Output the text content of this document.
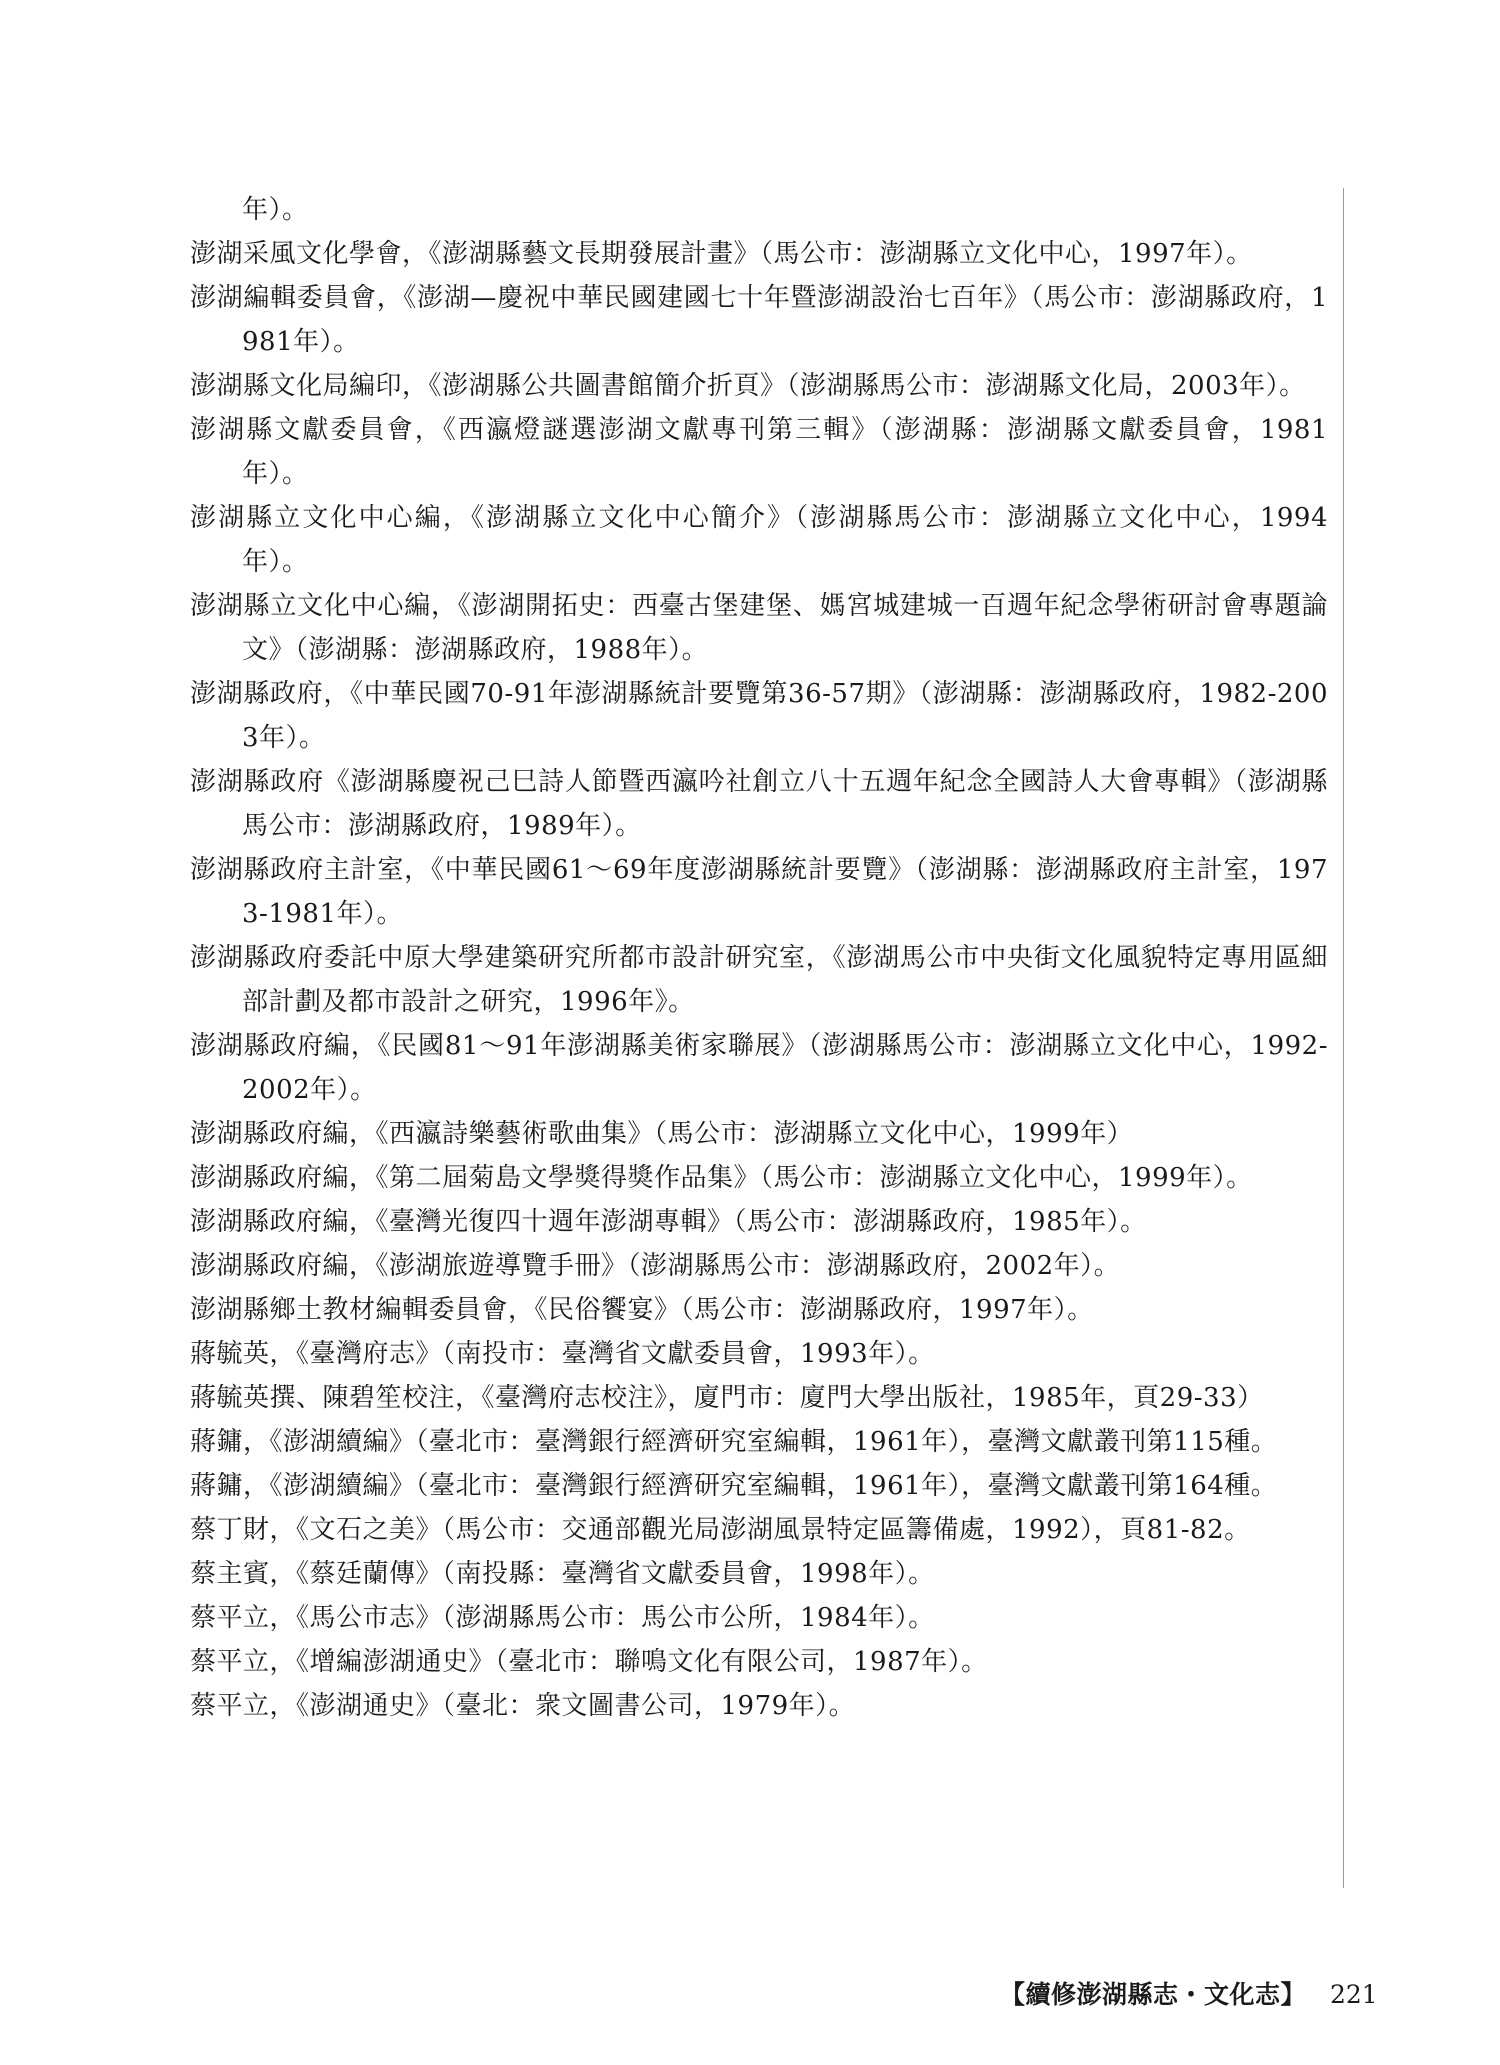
年）。
澎湖采風文化學會，《澎湖縣藝文長期發展計畫》（馬公市：澎湖縣立文化中心，1997年）。
澎湖編輯委員會，《澎湖—慶祝中華民國建國七十年暨澎湖設治七百年》（馬公市：澎湖縣政府，1981年）。
澎湖縣文化局編印，《澎湖縣公共圖書館簡介折頁》（澎湖縣馬公市：澎湖縣文化局，2003年）。
澎湖縣文獻委員會，《西瀛燈謎選澎湖文獻專刊第三輯》（澎湖縣：澎湖縣文獻委員會，1981年）。
澎湖縣立文化中心編，《澎湖縣立文化中心簡介》（澎湖縣馬公市：澎湖縣立文化中心，1994年）。
澎湖縣立文化中心編，《澎湖開拓史：西臺古堡建堡、媽宮城建城一百週年紀念學術研討會專題論文》（澎湖縣：澎湖縣政府，1988年）。
澎湖縣政府，《中華民國70-91年澎湖縣統計要覽第36-57期》（澎湖縣：澎湖縣政府，1982-2003年）。
澎湖縣政府《澎湖縣慶祝己巳詩人節暨西瀛吟社創立八十五週年紀念全國詩人大會專輯》（澎湖縣馬公市：澎湖縣政府，1989年）。
澎湖縣政府主計室，《中華民國61～69年度澎湖縣統計要覽》（澎湖縣：澎湖縣政府主計室，1973-1981年）。
澎湖縣政府委託中原大學建築研究所都市設計研究室，《澎湖馬公市中央街文化風貌特定專用區細部計劃及都市設計之研究，1996年》。
澎湖縣政府編，《民國81～91年澎湖縣美術家聯展》（澎湖縣馬公市：澎湖縣立文化中心，1992-2002年）。
澎湖縣政府編，《西瀛詩樂藝術歌曲集》（馬公市：澎湖縣立文化中心，1999年）
澎湖縣政府編，《第二屆菊島文學獎得獎作品集》（馬公市：澎湖縣立文化中心，1999年）。
澎湖縣政府編，《臺灣光復四十週年澎湖專輯》（馬公市：澎湖縣政府，1985年）。
澎湖縣政府編，《澎湖旅遊導覽手冊》（澎湖縣馬公市：澎湖縣政府，2002年）。
澎湖縣鄉土教材編輯委員會，《民俗饗宴》（馬公市：澎湖縣政府，1997年）。
蔣毓英，《臺灣府志》（南投市：臺灣省文獻委員會，1993年）。
蔣毓英撰、陳碧笙校注，《臺灣府志校注》，廈門市：廈門大學出版社，1985年，頁29-33）
蔣鏞，《澎湖續編》（臺北市：臺灣銀行經濟研究室編輯，1961年），臺灣文獻叢刊第115種。
蔣鏞，《澎湖續編》（臺北市：臺灣銀行經濟研究室編輯，1961年），臺灣文獻叢刊第164種。
蔡丁財，《文石之美》（馬公市：交通部觀光局澎湖風景特定區籌備處，1992），頁81-82。
蔡主賓，《蔡廷蘭傳》（南投縣：臺灣省文獻委員會，1998年）。
蔡平立，《馬公市志》（澎湖縣馬公市：馬公市公所，1984年）。
蔡平立，《增編澎湖通史》（臺北市：聯鳴文化有限公司，1987年）。
蔡平立，《澎湖通史》（臺北：衆文圖書公司，1979年）。
【續修澎湖縣志・文化志】 221
